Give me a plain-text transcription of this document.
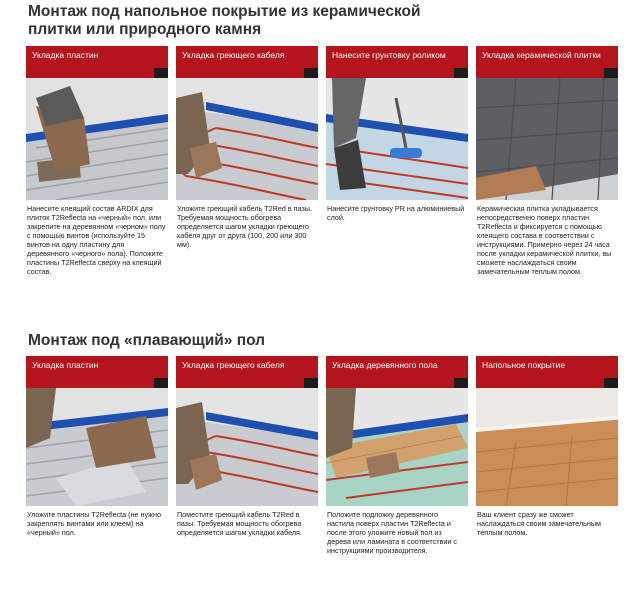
Монтаж под напольное покрытие из керамической
плитки или природного камня
Укладка пластин
Нанесите клеящий состав ARDIX для плиток T2Reflecta на «черный» пол, или закрепите на деревянном «черном» полу с помощью винтов (используйте 15 винтов на одну пластину для деревянного «черного» пола). Положите пластины T2Reflecta сверху на клеящий состав.
Укладка греющего кабеля
Уложите греющий кабель T2Red в пазы. Требуемая мощность обогрева определяется шагом укладки греющего кабеля друг от друга (100, 200 или 300 мм).
Нанесите грунтовку роликом
Нанесите грунтовку PR на алюминиевый слой.
Укладка керамической плитки
Керамическая плитка укладывается непосредственно поверх пластин T2Reflecta и фиксируется с помощью клеящего состава в соответствии с инструкциями. Примерно через 24 часа после укладки керамической плитки, вы сможете наслаждаться своим замечательным теплым полом.
Монтаж под «плавающий» пол
Укладка пластин
Уложите пластины T2Reflecta (не нужно закреплять винтами или клеем) на «черный» пол.
Укладка греющего кабеля
Поместите греющий кабель T2Red в пазы. Требуемая мощность обогрева определяется шагом укладки кабеля.
Укладка деревянного пола
Положите подложку деревянного настила поверх пластин T2Reflecta и после этого уложите новый пол из дерева или ламината в соответствии с инструкциями производителя.
Напольное покрытие
Ваш клиент сразу же сможет наслаждаться своим замечательным теплым полом.
